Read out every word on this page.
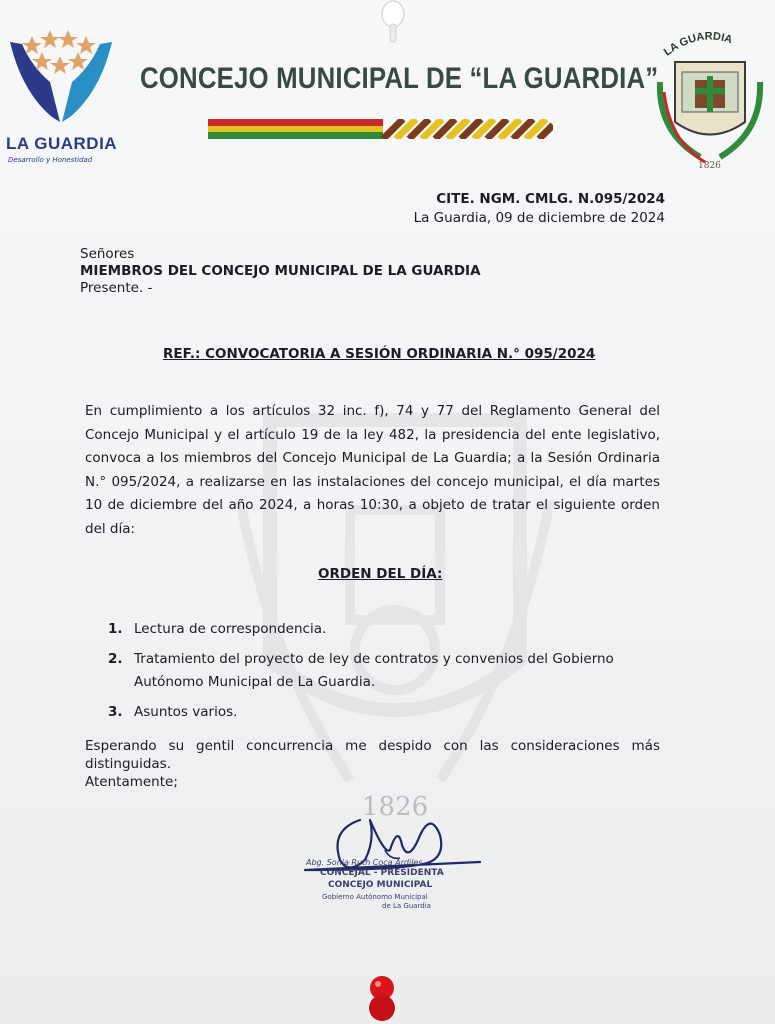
1826
LA GUARDIA
Desarrollo y Honestidad
CONCEJO MUNICIPAL DE “LA GUARDIA”
LA GUARDIA
1826
CITE. NGM. CMLG. N.095/2024
La Guardia, 09 de diciembre de 2024
Señores
MIEMBROS DEL CONCEJO MUNICIPAL DE LA GUARDIA
Presente. -
REF.: CONVOCATORIA A SESIÓN ORDINARIA N.° 095/2024
En cumplimiento a los artículos 32 inc. f), 74 y 77 del Reglamento General del Concejo Municipal y el artículo 19 de la ley 482, la presidencia del ente legislativo, convoca a los miembros del Concejo Municipal de La Guardia; a la Sesión Ordinaria N.° 095/2024, a realizarse en las instalaciones del concejo municipal, el día martes 10 de diciembre del año 2024, a horas 10:30, a objeto de tratar el siguiente orden del día:
ORDEN DEL DÍA:
1. Lectura de correspondencia.
2. Tratamiento del proyecto de ley de contratos y convenios del Gobierno Autónomo Municipal de La Guardia.
3. Asuntos varios.
Esperando su gentil concurrencia me despido con las consideraciones más distinguidas.
Atentamente;
Abg. Sonia Ruth Coca Ardiles
CONCEJAL - PRESIDENTA
CONCEJO MUNICIPAL
Gobierno Autónomo Municipal
de La Guardia
